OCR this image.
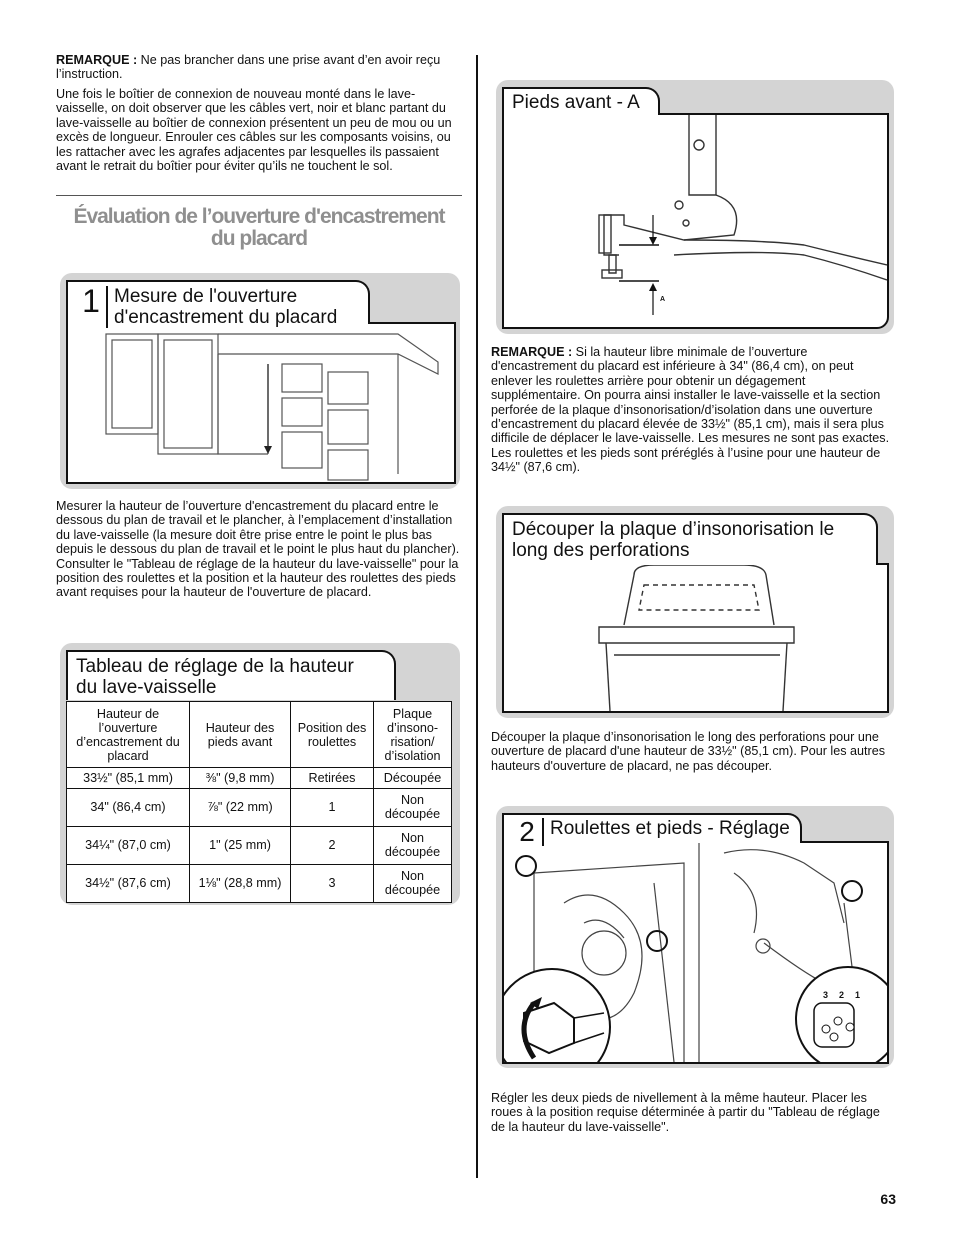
REMARQUE : Ne pas brancher dans une prise avant d’en avoir reçu l’instruction.

Une fois le boîtier de connexion de nouveau monté dans le lave-vaisselle, on doit observer que les câbles vert, noir et blanc partant du lave-vaisselle au boîtier de connexion présentent un peu de mou ou un excès de longueur. Enrouler ces câbles sur les composants voisins, ou les rattacher avec les agrafes adjacentes par lesquelles ils passaient avant le retrait du boîtier pour éviter qu’ils ne touchent le sol.

Évaluation de l’ouverture d'encastrement
du placard
1 Mesure de l'ouverture
d'encastrement du placard

Mesurer la hauteur de l’ouverture d'encastrement du placard entre le dessous du plan de travail et le plancher, à l’emplacement d’installation du lave-vaisselle (la mesure doit être prise entre le point le plus bas depuis le dessous du plan de travail et le point le plus haut du plancher). Consulter le "Tableau de réglage de la hauteur du lave-vaisselle" pour la position des roulettes et la position et la hauteur des roulettes des pieds avant requises pour la hauteur de l'ouverture de placard.

Tableau de réglage de la hauteur
du lave-vaisselle
Hauteur de l’ouverture d’encastrement du placard	Hauteur des pieds avant	Position des roulettes	Plaque d’insonorisation/ d’isolation
33½" (85,1 mm)	⅜" (9,8 mm)	Retirées	Découpée
34" (86,4 cm)	⅞" (22 mm)	1	Non découpée
34¼" (87,0 cm)	1" (25 mm)	2	Non découpée
34½" (87,6 cm)	1⅛" (28,8 mm)	3	Non découpée
A
Pieds avant - A

REMARQUE : Si la hauteur libre minimale de l’ouverture d'encastrement du placard est inférieure à 34" (86,4 cm), on peut enlever les roulettes arrière pour obtenir un dégagement supplémentaire. On pourra ainsi installer le lave-vaisselle et la section perforée de la plaque d’insonorisation/d’isolation dans une ouverture d’encastrement du placard élevée de 33½" (85,1 cm), mais il sera plus difficile de déplacer le lave-vaisselle. Les mesures ne sont pas exactes. Les roulettes et les pieds sont préréglés à l’usine pour une hauteur de 34½" (87,6 cm).

Découper la plaque d’insonorisation le
long des perforations

Découper la plaque d’insonorisation le long des perforations pour une ouverture de placard d'une hauteur de 33½" (85,1 cm). Pour les autres hauteurs d'ouverture de placard, ne pas découper.

3 2 1
2 Roulettes et pieds - Réglage

Régler les deux pieds de nivellement à la même hauteur. Placer les roues à la position requise déterminée à partir du "Tableau de réglage de la hauteur du lave-vaisselle".

63
